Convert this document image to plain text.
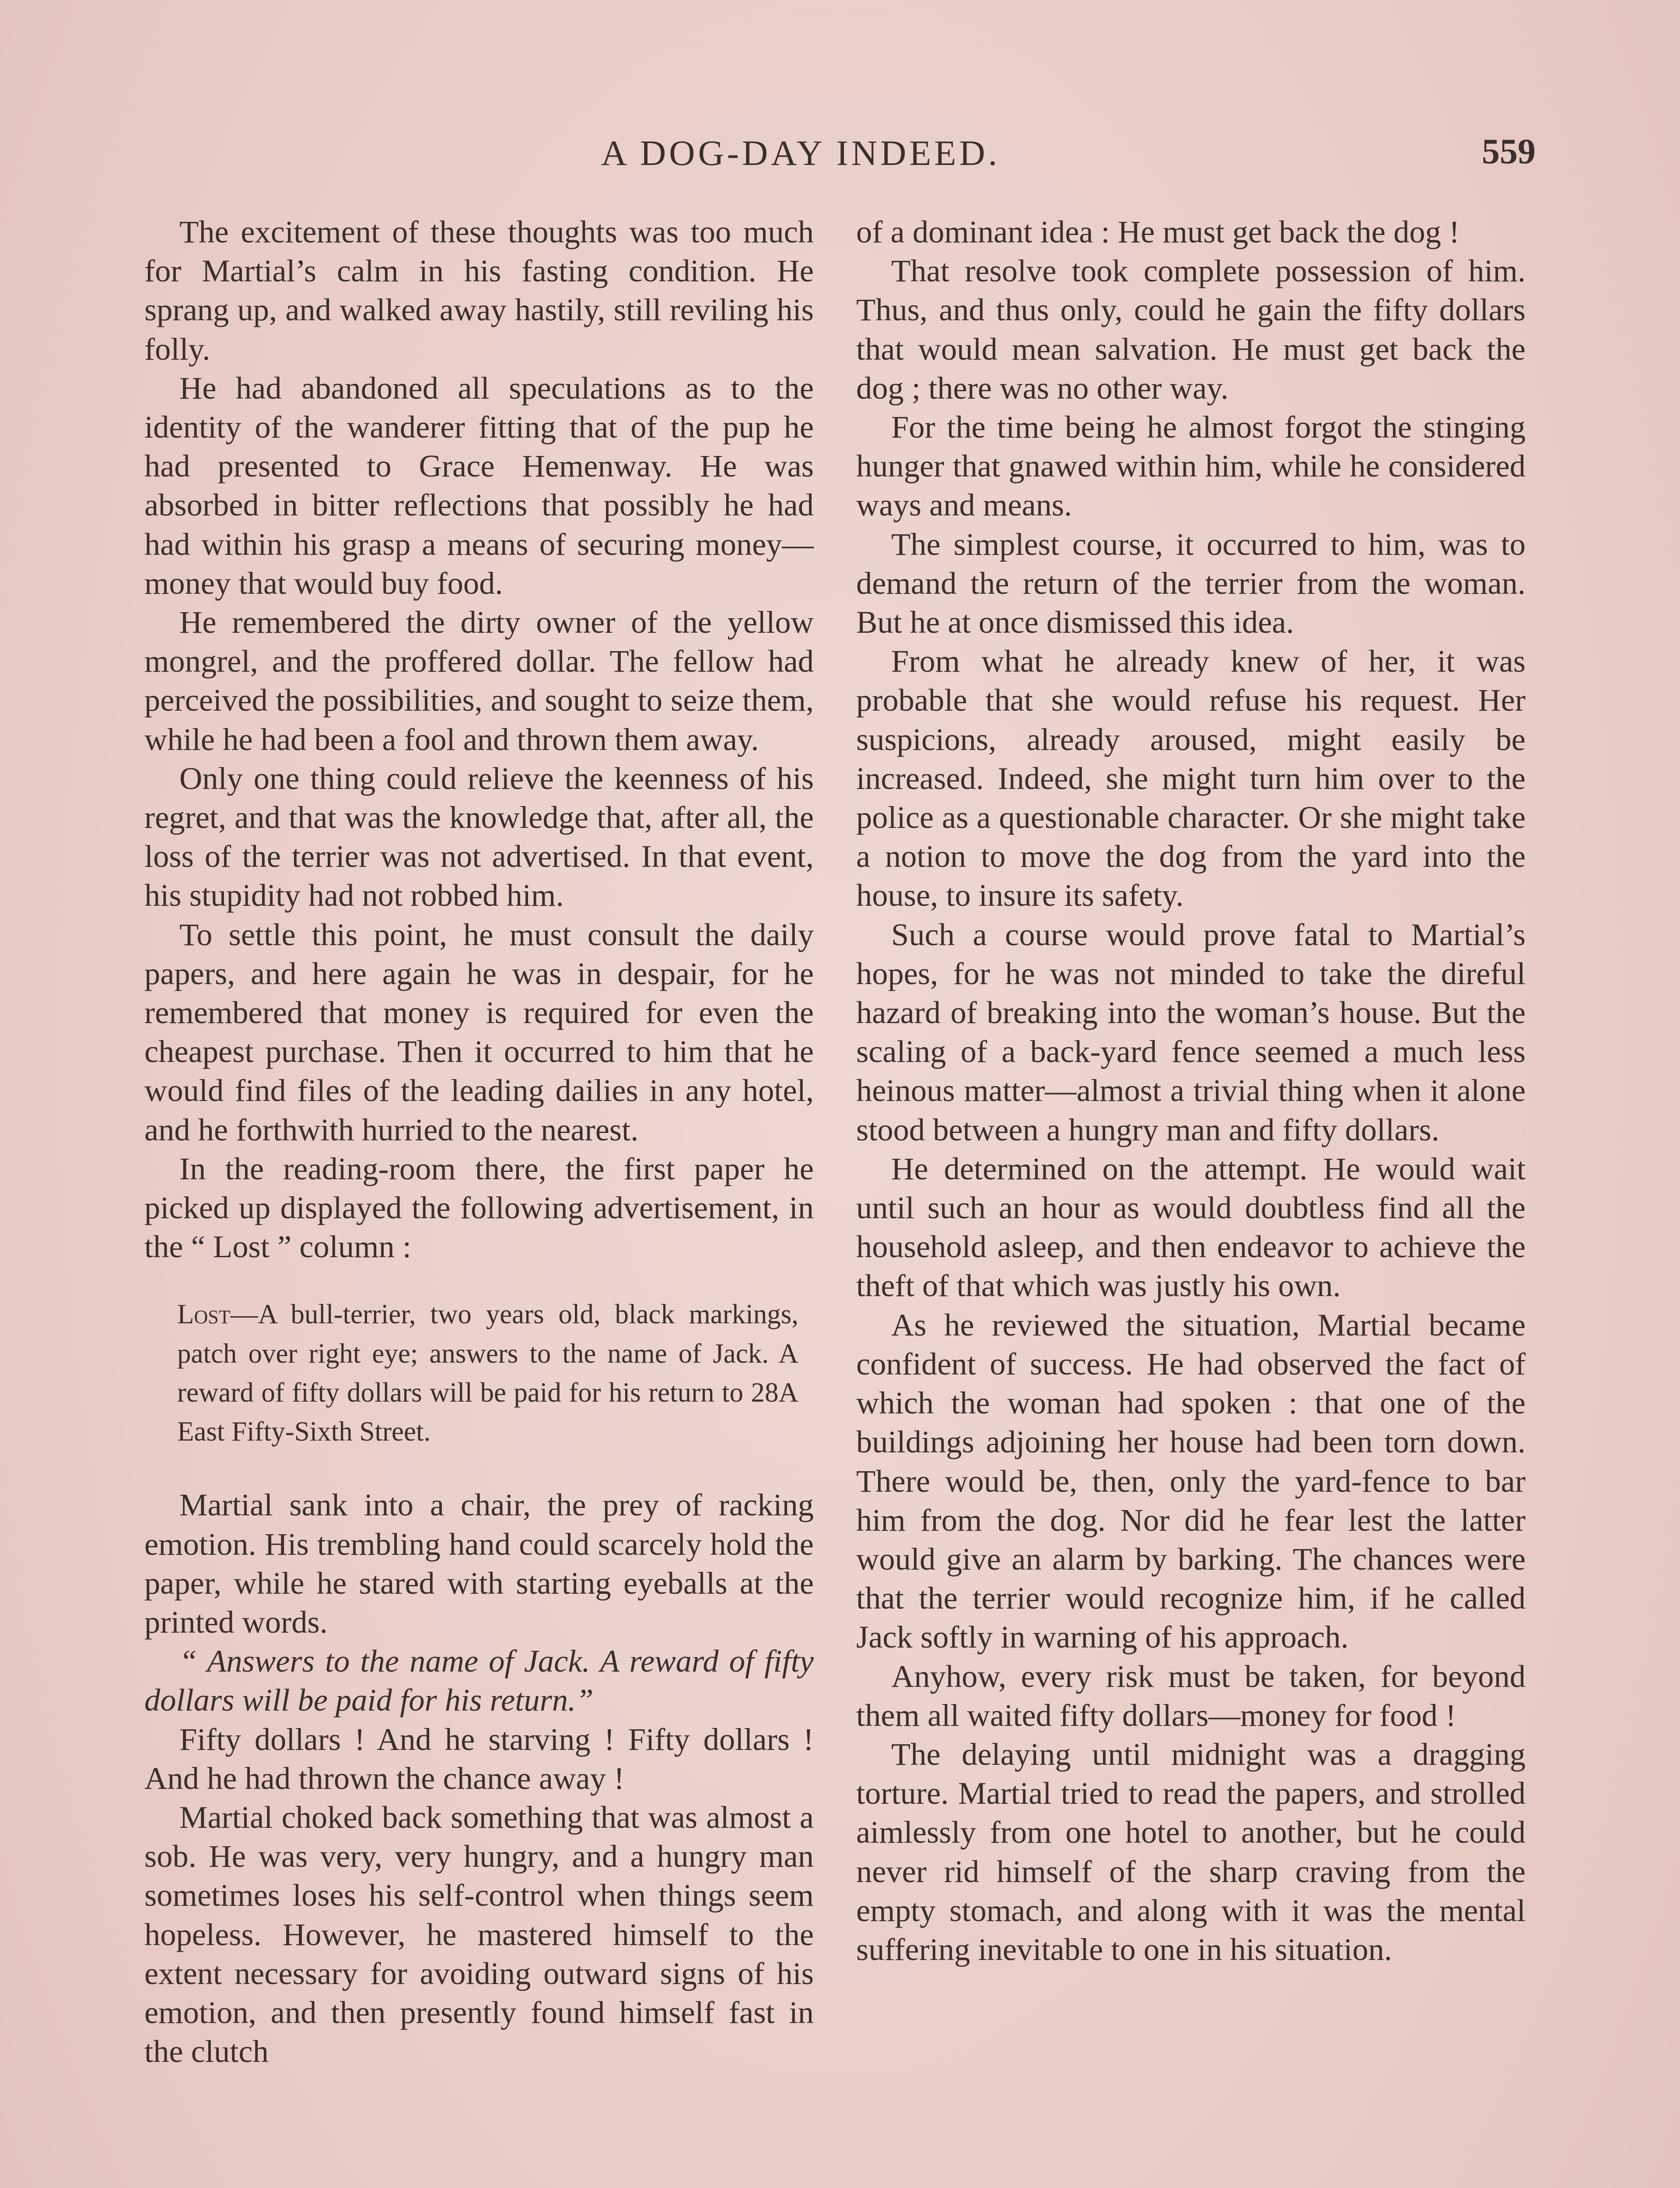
A DOG-DAY INDEED.	559

The excitement of these thoughts was too much for Martial’s calm in his fasting condition. He sprang up, and walked away hastily, still reviling his folly.

He had abandoned all speculations as to the identity of the wanderer fitting that of the pup he had presented to Grace Hemenway. He was absorbed in bitter reflections that possibly he had had within his grasp a means of securing money—money that would buy food.

He remembered the dirty owner of the yellow mongrel, and the proffered dollar. The fellow had perceived the possibilities, and sought to seize them, while he had been a fool and thrown them away.

Only one thing could relieve the keenness of his regret, and that was the knowledge that, after all, the loss of the terrier was not advertised. In that event, his stupidity had not robbed him.

To settle this point, he must consult the daily papers, and here again he was in despair, for he remembered that money is required for even the cheapest purchase. Then it occurred to him that he would find files of the leading dailies in any hotel, and he forthwith hurried to the nearest.

In the reading-room there, the first paper he picked up displayed the following advertisement, in the “ Lost ” column :

Lost—A bull-terrier, two years old, black markings, patch over right eye; answers to the name of Jack. A reward of fifty dollars will be paid for his return to 28A East Fifty-Sixth Street.

Martial sank into a chair, the prey of racking emotion. His trembling hand could scarcely hold the paper, while he stared with starting eyeballs at the printed words.

“ Answers to the name of Jack. A reward of fifty dollars will be paid for his return.”

Fifty dollars ! And he starving ! Fifty dollars ! And he had thrown the chance away !

Martial choked back something that was almost a sob. He was very, very hungry, and a hungry man sometimes loses his self-control when things seem hopeless. However, he mastered himself to the extent necessary for avoiding outward signs of his emotion, and then presently found himself fast in the clutch

of a dominant idea : He must get back the dog !

That resolve took complete possession of him. Thus, and thus only, could he gain the fifty dollars that would mean salvation. He must get back the dog ; there was no other way.

For the time being he almost forgot the stinging hunger that gnawed within him, while he considered ways and means.

The simplest course, it occurred to him, was to demand the return of the terrier from the woman. But he at once dismissed this idea.

From what he already knew of her, it was probable that she would refuse his request. Her suspicions, already aroused, might easily be increased. Indeed, she might turn him over to the police as a questionable character. Or she might take a notion to move the dog from the yard into the house, to insure its safety.

Such a course would prove fatal to Martial’s hopes, for he was not minded to take the direful hazard of breaking into the woman’s house. But the scaling of a back-yard fence seemed a much less heinous matter—almost a trivial thing when it alone stood between a hungry man and fifty dollars.

He determined on the attempt. He would wait until such an hour as would doubtless find all the household asleep, and then endeavor to achieve the theft of that which was justly his own.

As he reviewed the situation, Martial became confident of success. He had observed the fact of which the woman had spoken : that one of the buildings adjoining her house had been torn down. There would be, then, only the yard-fence to bar him from the dog. Nor did he fear lest the latter would give an alarm by barking. The chances were that the terrier would recognize him, if he called Jack softly in warning of his approach.

Anyhow, every risk must be taken, for beyond them all waited fifty dollars—money for food !

The delaying until midnight was a dragging torture. Martial tried to read the papers, and strolled aimlessly from one hotel to another, but he could never rid himself of the sharp craving from the empty stomach, and along with it was the mental suffering inevitable to one in his situation.
